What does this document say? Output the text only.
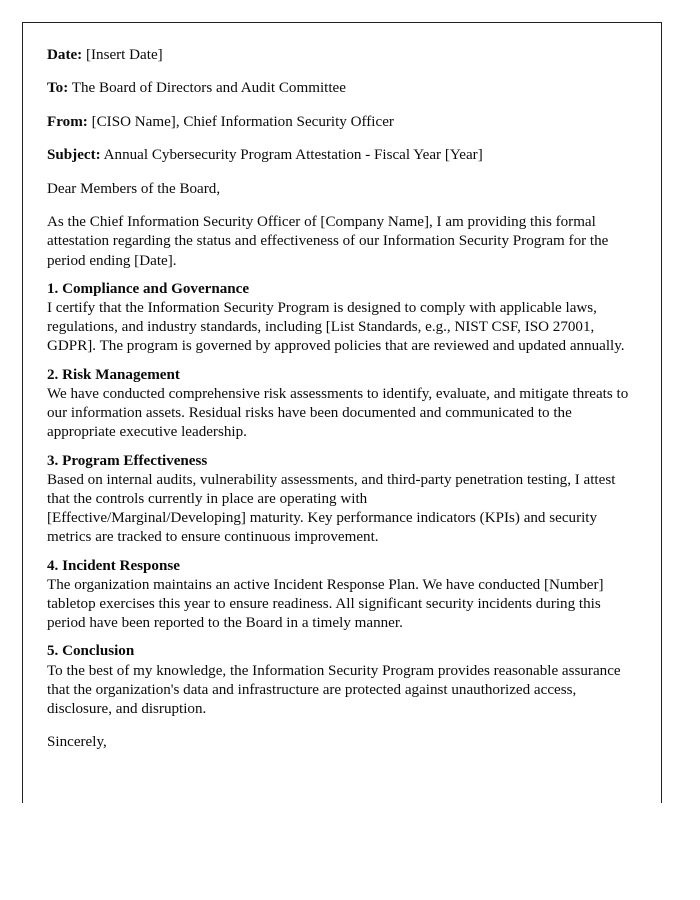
Date: [Insert Date]

To: The Board of Directors and Audit Committee

From: [CISO Name], Chief Information Security Officer

Subject: Annual Cybersecurity Program Attestation - Fiscal Year [Year]

Dear Members of the Board,

As the Chief Information Security Officer of [Company Name], I am providing this formal attestation regarding the status and effectiveness of our Information Security Program for the period ending [Date].

1. Compliance and Governance

I certify that the Information Security Program is designed to comply with applicable laws, regulations, and industry standards, including [List Standards, e.g., NIST CSF, ISO 27001, GDPR]. The program is governed by approved policies that are reviewed and updated annually.

2. Risk Management

We have conducted comprehensive risk assessments to identify, evaluate, and mitigate threats to our information assets. Residual risks have been documented and communicated to the appropriate executive leadership.

3. Program Effectiveness

Based on internal audits, vulnerability assessments, and third-party penetration testing, I attest that the controls currently in place are operating with
[Effective/Marginal/Developing] maturity. Key performance indicators (KPIs) and security metrics are tracked to ensure continuous improvement.

4. Incident Response

The organization maintains an active Incident Response Plan. We have conducted [Number] tabletop exercises this year to ensure readiness. All significant security incidents during this period have been reported to the Board in a timely manner.

5. Conclusion

To the best of my knowledge, the Information Security Program provides reasonable assurance that the organization's data and infrastructure are protected against unauthorized access, disclosure, and disruption.

Sincerely,
